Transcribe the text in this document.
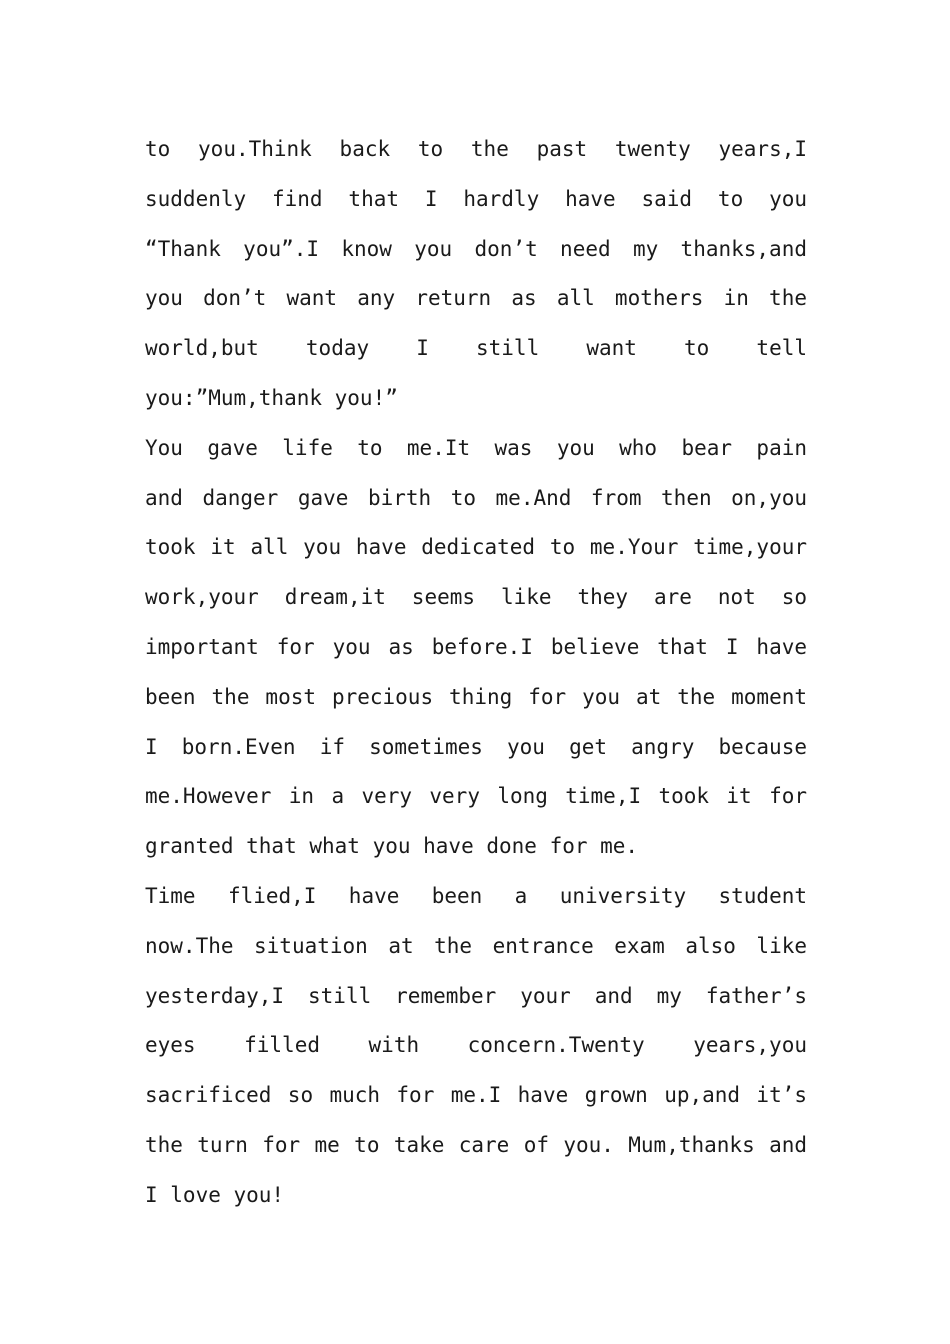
to you.Think back to the past twenty years,I
suddenly find that I hardly have said to you
“Thank you”.I know you don’t need my thanks,and
you don’t want any return as all mothers in the
world,but today I still want to tell
you:”Mum,thank you!”
You gave life to me.It was you who bear pain
and danger gave birth to me.And from then on,you
took it all you have dedicated to me.Your time,your
work,your dream,it seems like they are not so
important for you as before.I believe that I have
been the most precious thing for you at the moment
I born.Even if sometimes you get angry because
me.However in a very very long time,I took it for
granted that what you have done for me.
Time flied,I have been a university student
now.The situation at the entrance exam also like
yesterday,I still remember your and my father’s
eyes filled with concern.Twenty years,you
sacrificed so much for me.I have grown up,and it’s
the turn for me to take care of you. Mum,thanks and
I love you!
